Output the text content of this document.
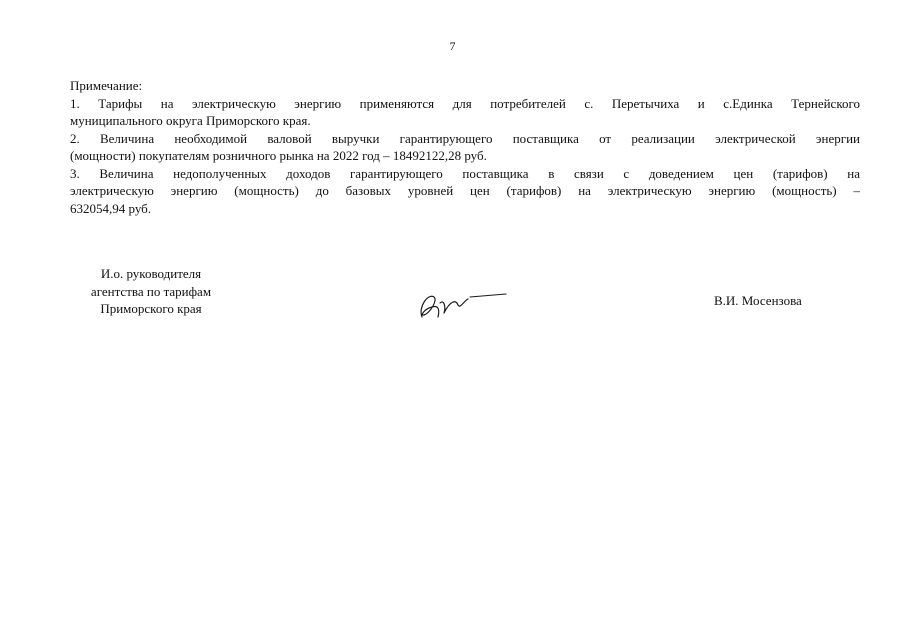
7

Примечание:

1. Тарифы на электрическую энергию применяются для потребителей с. Перетычиха и с.Единка Тернейского
муниципального округа Приморского края.

2. Величина необходимой валовой выручки гарантирующего поставщика от реализации электрической энергии
(мощности) покупателям розничного рынка на 2022 год – 18492122,28 руб.

3. Величина недополученных доходов гарантирующего поставщика в связи с доведением цен (тарифов) на
электрическую энергию (мощность) до базовых уровней цен (тарифов) на электрическую энергию (мощность) –
632054,94 руб.

И.о. руководителя
агентства по тарифам
Приморского края
В.И. Мосензова
